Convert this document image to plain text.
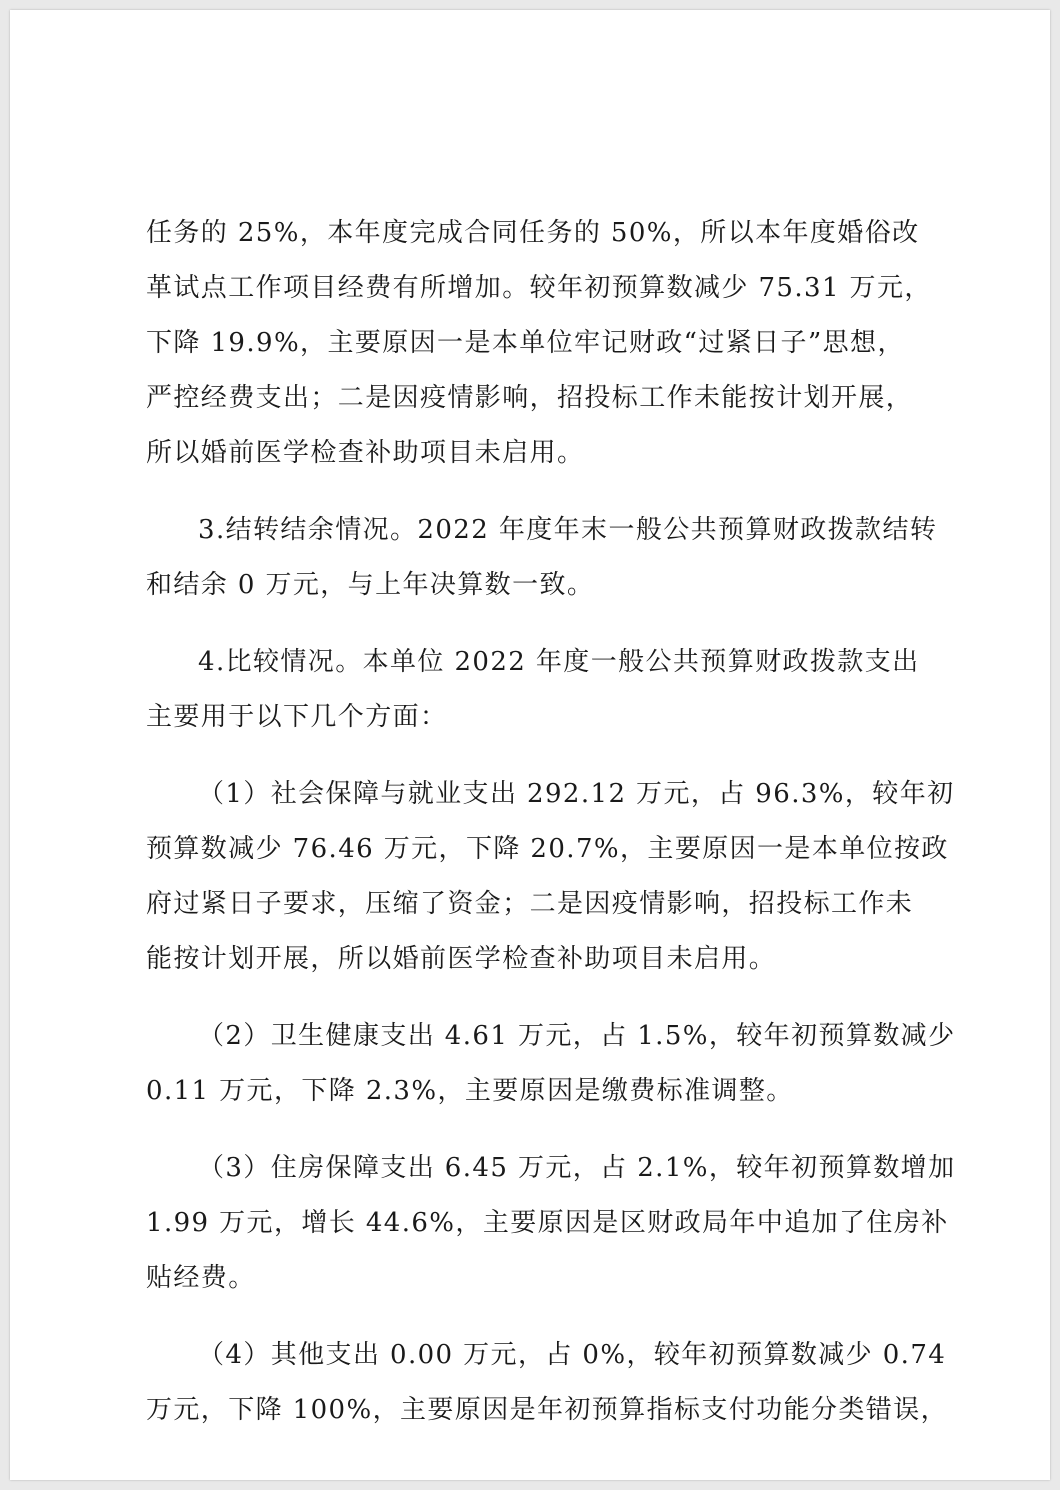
任务的 25%，本年度完成合同任务的 50%，所以本年度婚俗改
革试点工作项目经费有所增加。较年初预算数减少 75.31 万元，
下降 19.9%，主要原因一是本单位牢记财政“过紧日子”思想，
严控经费支出；二是因疫情影响，招投标工作未能按计划开展，
所以婚前医学检查补助项目未启用。
3.结转结余情况。2022 年度年末一般公共预算财政拨款结转
和结余 0 万元，与上年决算数一致。
4.比较情况。本单位 2022 年度一般公共预算财政拨款支出
主要用于以下几个方面：
（1）社会保障与就业支出 292.12 万元，占 96.3%，较年初
预算数减少 76.46 万元，下降 20.7%，主要原因一是本单位按政
府过紧日子要求，压缩了资金；二是因疫情影响，招投标工作未
能按计划开展，所以婚前医学检查补助项目未启用。
（2）卫生健康支出 4.61 万元，占 1.5%，较年初预算数减少
0.11 万元，下降 2.3%，主要原因是缴费标准调整。
（3）住房保障支出 6.45 万元，占 2.1%，较年初预算数增加
1.99 万元，增长 44.6%，主要原因是区财政局年中追加了住房补
贴经费。
（4）其他支出 0.00 万元，占 0%，较年初预算数减少 0.74
万元，下降 100%，主要原因是年初预算指标支付功能分类错误，
